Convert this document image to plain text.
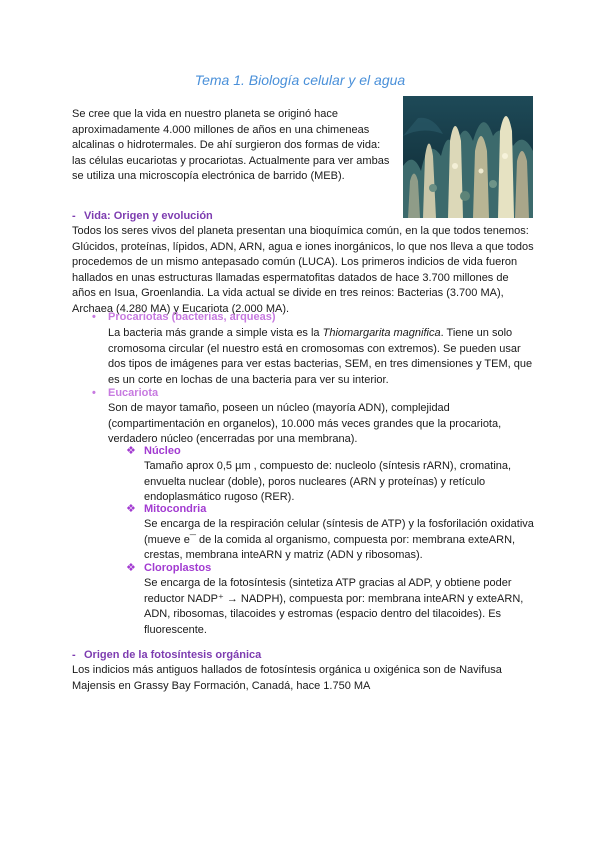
Tema 1. Biología celular y el agua
Se cree que la vida en nuestro planeta se originó hace aproximadamente 4.000 millones de años en una chimeneas alcalinas o hidrotermales. De ahí surgieron dos formas de vida: las células eucariotas y procariotas. Actualmente para ver ambas se utiliza una microscopía electrónica de barrido (MEB).
- Vida: Origen y evolución
Todos los seres vivos del planeta presentan una bioquímica común, en la que todos tenemos: Glúcidos, proteínas, lípidos, ADN, ARN, agua e iones inorgánicos, lo que nos lleva a que todos procedemos de un mismo antepasado común (LUCA). Los primeros indicios de vida fueron hallados en unas estructuras llamadas espermatofitas datados de hace 3.700 millones de años en Isua, Groenlandia. La vida actual se divide en tres reinos: Bacterias (3.700 MA), Archaea (4.280 MA) y Eucariota (2.000 MA).
• Procariotas (bacterias, arqueas)
La bacteria más grande a simple vista es la Thiomargarita magnifica. Tiene un solo cromosoma circular (el nuestro está en cromosomas con extremos). Se pueden usar dos tipos de imágenes para ver estas bacterias, SEM, en tres dimensiones y TEM, que es un corte en lochas de una bacteria para ver su interior.
• Eucariota
Son de mayor tamaño, poseen un núcleo (mayoría ADN), complejidad (compartimentación en organelos), 10.000 más veces grandes que la procariota, verdadero núcleo (encerradas por una membrana).
❖ Núcleo
Tamaño aprox 0,5 µm , compuesto de: nucleolo (síntesis rARN), cromatina, envuelta nuclear (doble), poros nucleares (ARN y proteínas) y retículo endoplasmático rugoso (RER).
❖ Mitocondria
Se encarga de la respiración celular (síntesis de ATP) y la fosforilación oxidativa (mueve e¯ de la comida al organismo, compuesta por: membrana exteARN, crestas, membrana inteARN y matriz (ADN y ribosomas).
❖ Cloroplastos
Se encarga de la fotosíntesis (sintetiza ATP gracias al ADP, y obtiene poder reductor NADP⁺ → NADPH), compuesta por: membrana inteARN y exteARN, ADN, ribosomas, tilacoides y estromas (espacio dentro del tilacoides). Es fluorescente.
- Origen de la fotosíntesis orgánica
Los indicios más antiguos hallados de fotosíntesis orgánica u oxigénica son de Navifusa Majensis en Grassy Bay Formación, Canadá, hace 1.750 MA
